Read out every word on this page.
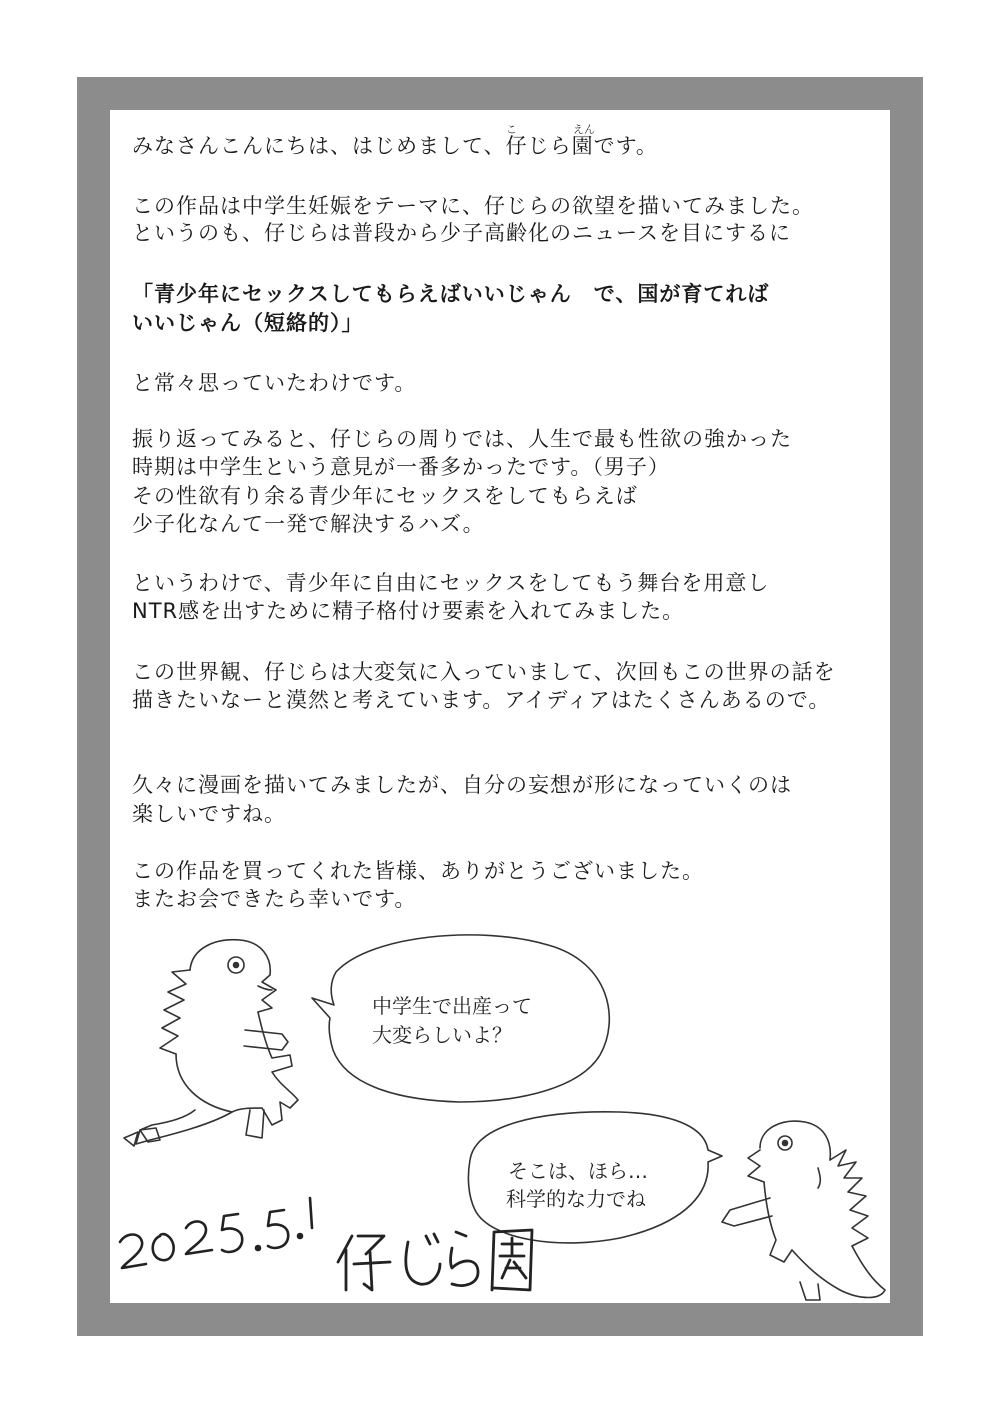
こ	えん
みなさんこんにちは、はじめまして、仔じら園です。
この作品は中学生妊娠をテーマに、仔じらの欲望を描いてみました。
というのも、仔じらは普段から少子高齢化のニュースを目にするに
「青少年にセックスしてもらえばいいじゃん　で、国が育てれば
いいじゃん（短絡的）」
と常々思っていたわけです。
振り返ってみると、仔じらの周りでは、人生で最も性欲の強かった
時期は中学生という意見が一番多かったです。（男子）
その性欲有り余る青少年にセックスをしてもらえば
少子化なんて一発で解決するハズ。
というわけで、青少年に自由にセックスをしてもう舞台を用意し
NTR感を出すために精子格付け要素を入れてみました。
この世界観、仔じらは大変気に入っていまして、次回もこの世界の話を
描きたいなーと漠然と考えています。アイディアはたくさんあるので。
久々に漫画を描いてみましたが、自分の妄想が形になっていくのは
楽しいですね。
この作品を買ってくれた皆様、ありがとうございました。
またお会できたら幸いです。
中学生で出産って
大変らしいよ？
そこは、ほら…
科学的な力でね
